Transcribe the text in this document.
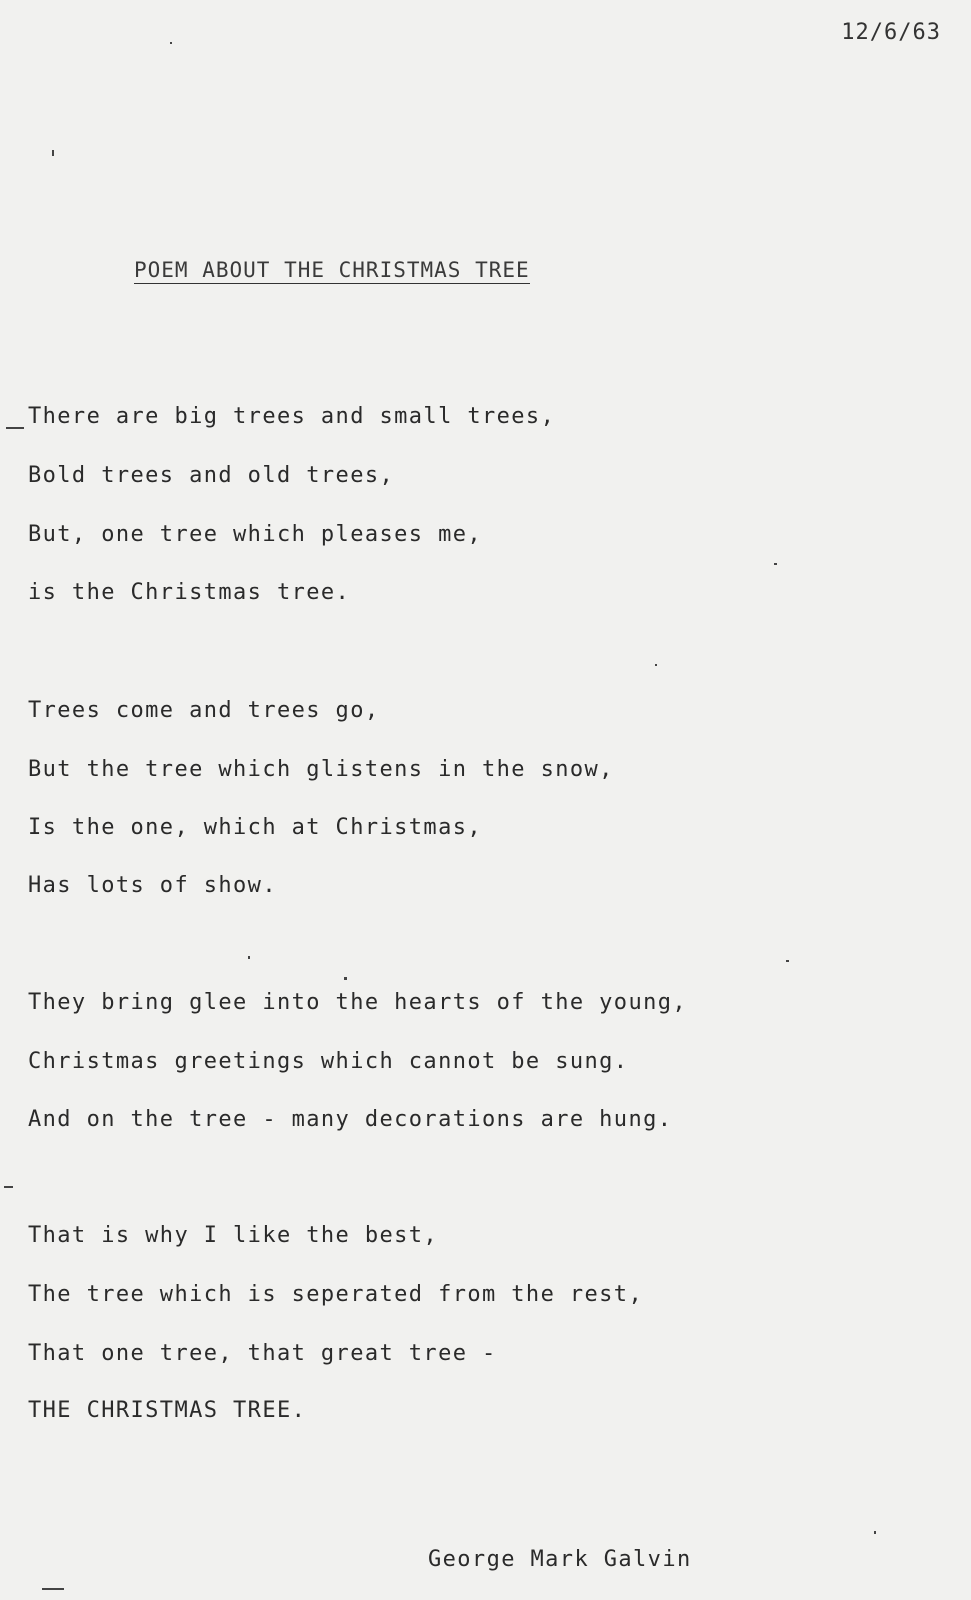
12/6/63
POEM ABOUT THE CHRISTMAS TREE
There are big trees and small trees,
Bold trees and old trees,
But, one tree which pleases me,
is the Christmas tree.
Trees come and trees go,
But the tree which glistens in the snow,
Is the one, which at Christmas,
Has lots of show.
They bring glee into the hearts of the young,
Christmas greetings which cannot be sung.
And on the tree - many decorations are hung.
That is why I like the best,
The tree which is seperated from the rest,
That one tree, that great tree -
THE CHRISTMAS TREE.
George Mark Galvin
